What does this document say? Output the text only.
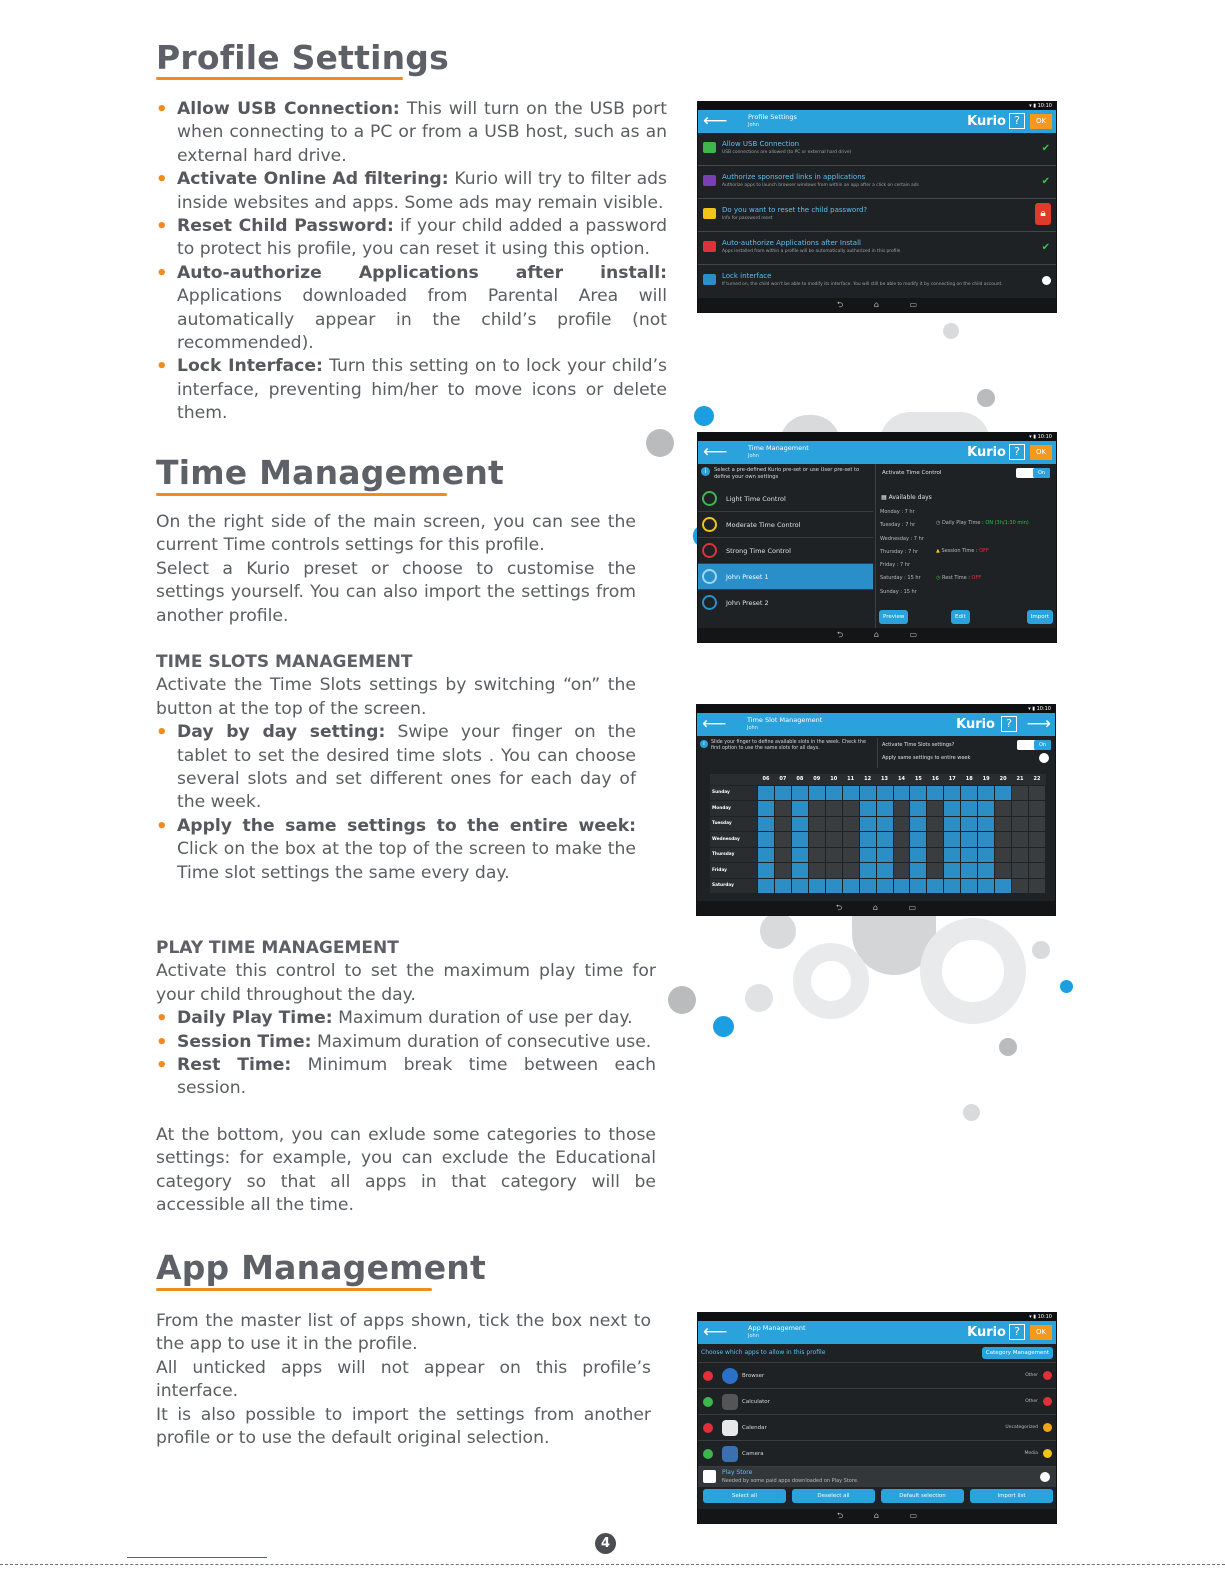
Profile Settings
• Allow USB Connection: This will turn on the USB port when connecting to a PC or from a USB host, such as an external hard drive.
• Activate Online Ad filtering: Kurio will try to filter ads inside websites and apps. Some ads may remain visible.
• Reset Child Password: if your child added a password to protect his profile, you can reset it using this option.
• Auto-authorize Applications after install: Applications downloaded from Parental Area will automatically appear in the child’s profile (not recommended).
• Lock Interface: Turn this setting on to lock your child’s interface, preventing him/her to move icons or delete them.
Time Management

On the right side of the main screen, you can see the current Time controls settings for this profile.

Select a Kurio preset or choose to customise the settings yourself. You can also import the settings from another profile.

TIME SLOTS MANAGEMENT

Activate the Time Slots settings by switching “on” the button at the top of the screen.

• Day by day setting: Swipe your finger on the tablet to set the desired time slots . You can choose several slots and set different ones for each day of the week.
• Apply the same settings to the entire week: Click on the box at the top of the screen to make the Time slot settings the same every day.

PLAY TIME MANAGEMENT

Activate this control to set the maximum play time for your child throughout the day.

• Daily Play Time: Maximum duration of use per day.
• Session Time: Maximum duration of consecutive use.
• Rest Time: Minimum break time between each session.

At the bottom, you can exlude some categories to those settings: for example, you can exclude the Educational category so that all apps in that category will be accessible all the time.

App Management

From the master list of apps shown, tick the box next to the app to use it in the profile.

All unticked apps will not appear on this profile’s interface.

It is also possible to import the settings from another profile or to use the default original selection.

▾ ▮ 10:10
⟵	Profile Settings
John	Kurio ?	OK
Allow USB Connection
USB connections are allowed (to PC or external hard drive)	✔
Authorize sponsored links in applications
Authorize apps to launch browser windows from within an app after a click on certain ads	✔
Do you want to reset the child password?
Info for password reset	🔒︎
Auto-authorize Applications after Install
Apps installed from within a profile will be automatically authorized in this profile	✔
Lock interface
If turned on, the child won't be able to modify its interface. You will still be able to modify it by connecting on the child account.
⮌ ⌂ ▭
▾ ▮ 10:10
⟵	Time Management
John	Kurio ?	OK
i	Select a pre-defined Kurio pre-set or use User pre-set to define your own settings
Light Time Control
Moderate Time Control
Strong Time Control
John Preset 1
John Preset 2
Activate Time Control	On
▦ Available days
Monday : 7 hr
Tuesday : 7 hr
Wednesday : 7 hr
Thursday : 7 hr
Friday : 7 hr
Saturday : 15 hr
Sunday : 15 hr
◷ Daily Play Time : ON (3h/1:30 min)
▲ Session Time : OFF
◷ Rest Time : OFF
Preview	Edit	Import
⮌ ⌂ ▭
▾ ▮ 10:10
⟵	Time Slot Management
John	Kurio	? ⟶
i	Slide your finger to define available slots in the week. Check the first option to use the same slots for all days.
Activate Time Slots settings?	On
Apply same settings to entire week
	06	07	08	09	10	11	12	13	14	15	16	17	18	19	20	21	22
Sunday																	
Monday																	
Tuesday																	
Wednesday																	
Thursday																	
Friday																	
Saturday																	
⮌ ⌂ ▭
▾ ▮ 10:10
⟵	App Management
John	Kurio ?	OK
Choose which apps to allow in this profile	Category Management
Browser	Other
Calculator	Other
Calendar	Uncategorized
Camera	Media
Play Store
Needed by some paid apps downloaded on Play Store.
Select all	Deselect all	Default selection	Import list
⮌ ⌂ ▭
4
